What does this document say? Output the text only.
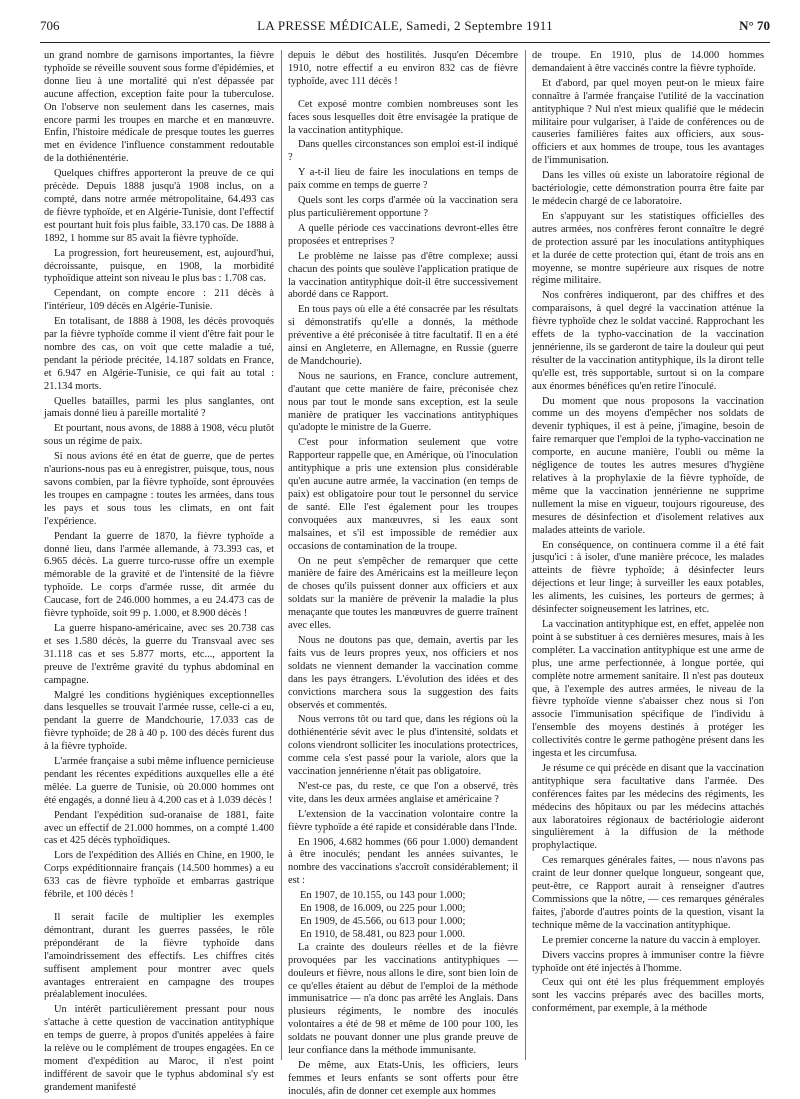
706	LA PRESSE MÉDICALE, Samedi, 2 Septembre 1911	N° 70

un grand nombre de garnisons importantes, la fièvre typhoïde se réveille souvent sous forme d'épidémies, et donne lieu à une mortalité qui n'est dépassée par aucune affection, exception faite pour la tuberculose. On l'observe non seulement dans les casernes, mais encore parmi les troupes en marche et en manœuvre. Enfin, l'histoire médicale de presque toutes les guerres met en évidence l'influence constamment redoutable de la dothiénentérie.

Quelques chiffres apporteront la preuve de ce qui précède. Depuis 1888 jusqu'à 1908 inclus, on a compté, dans notre armée métropolitaine, 64.493 cas de fièvre typhoïde, et en Algérie-Tunisie, dont l'effectif est pourtant huit fois plus faible, 33.170 cas. De 1888 à 1892, 1 homme sur 85 avait la fièvre typhoïde.

La progression, fort heureusement, est, aujourd'hui, décroissante, puisque, en 1908, la morbidité typhoïdique atteint son niveau le plus bas : 1.708 cas.

Cependant, on compte encore : 211 décès à l'intérieur, 109 décès en Algérie-Tunisie.

En totalisant, de 1888 à 1908, les décès provoqués par la fièvre typhoïde comme il vient d'être fait pour le nombre des cas, on voit que cette maladie a tué, pendant la période précitée, 14.187 soldats en France, et 6.947 en Algérie-Tunisie, ce qui fait au total : 21.134 morts.

Quelles batailles, parmi les plus sanglantes, ont jamais donné lieu à pareille mortalité ?

Et pourtant, nous avons, de 1888 à 1908, vécu plutôt sous un régime de paix.

Si nous avions été en état de guerre, que de pertes n'aurions-nous pas eu à enregistrer, puisque, tous, nous savons combien, par la fièvre typhoïde, sont éprouvées les troupes en campagne : toutes les armées, dans tous les pays et sous tous les climats, en ont fait l'expérience.

Pendant la guerre de 1870, la fièvre typhoïde a donné lieu, dans l'armée allemande, à 73.393 cas, et 6.965 décès. La guerre turco-russe offre un exemple mémorable de la gravité et de l'intensité de la fièvre typhoïde. Le corps d'armée russe, dit armée du Caucase, fort de 246.000 hommes, a eu 24.473 cas de fièvre typhoïde, soit 99 p. 1.000, et 8.900 décès !

La guerre hispano-américaine, avec ses 20.738 cas et ses 1.580 décès, la guerre du Transvaal avec ses 31.118 cas et ses 5.877 morts, etc..., apportent la preuve de l'extrême gravité du typhus abdominal en campagne.

Malgré les conditions hygiéniques exceptionnelles dans lesquelles se trouvait l'armée russe, celle-ci a eu, pendant la guerre de Mandchourie, 17.033 cas de fièvre typhoïde; de 28 à 40 p. 100 des décès furent dus à la fièvre typhoïde.

L'armée française a subi même influence pernicieuse pendant les récentes expéditions auxquelles elle a été mêlée. La guerre de Tunisie, où 20.000 hommes ont été engagés, a donné lieu à 4.200 cas et à 1.039 décès !

Pendant l'expédition sud-oranaise de 1881, faite avec un effectif de 21.000 hommes, on a compté 1.400 cas et 425 décès typhoïdiques.

Lors de l'expédition des Alliés en Chine, en 1900, le Corps expéditionnaire français (14.500 hommes) a eu 633 cas de fièvre typhoïde et embarras gastrique fébrile, et 100 décès !

Il serait facile de multiplier les exemples démontrant, durant les guerres passées, le rôle prépondérant de la fièvre typhoïde dans l'amoindrissement des effectifs. Les chiffres cités suffisent amplement pour montrer avec quels avantages entreraient en campagne des troupes préalablement inoculées.

Un intérêt particulièrement pressant pour nous s'attache à cette question de vaccination antityphique en temps de guerre, à propos d'unités appelées à faire la relève ou le complément de troupes engagées. En ce moment d'expédition au Maroc, il n'est point indifférent de savoir que le typhus abdominal s'y est grandement manifesté

depuis le début des hostilités. Jusqu'en Décembre 1910, notre effectif a eu environ 832 cas de fièvre typhoïde, avec 111 décès !

Cet exposé montre combien nombreuses sont les faces sous lesquelles doit être envisagée la pratique de la vaccination antityphique.

Dans quelles circonstances son emploi est-il indiqué ?

Y a-t-il lieu de faire les inoculations en temps de paix comme en temps de guerre ?

Quels sont les corps d'armée où la vaccination sera plus particulièrement opportune ?

A quelle période ces vaccinations devront-elles être proposées et entreprises ?

Le problème ne laisse pas d'être complexe; aussi chacun des points que soulève l'application pratique de la vaccination antityphique doit-il être successivement abordé dans ce Rapport.

En tous pays où elle a été consacrée par les résultats si démonstratifs qu'elle a donnés, la méthode préventive a été préconisée à titre facultatif. Il en a été ainsi en Angleterre, en Allemagne, en Russie (guerre de Mandchourie).

Nous ne saurions, en France, conclure autrement, d'autant que cette manière de faire, préconisée chez nous par tout le monde sans exception, est la seule manière de pratiquer les vaccinations antityphiques qu'adopte le ministre de la Guerre.

C'est pour information seulement que votre Rapporteur rappelle que, en Amérique, où l'inoculation antityphique a pris une extension plus considérable qu'en aucune autre armée, la vaccination (en temps de paix) est obligatoire pour tout le personnel du service de santé. Elle l'est également pour les troupes convoquées aux manœuvres, si les eaux sont malsaines, et s'il est impossible de remédier aux occasions de contamination de la troupe.

On ne peut s'empêcher de remarquer que cette manière de faire des Américains est la meilleure leçon de choses qu'ils puissent donner aux officiers et aux soldats sur la manière de prévenir la maladie la plus menaçante que toutes les manœuvres de guerre traînent avec elles.

Nous ne doutons pas que, demain, avertis par les faits vus de leurs propres yeux, nos officiers et nos soldats ne viennent demander la vaccination comme dans les pays étrangers. L'évolution des idées et des convictions marchera sous la suggestion des faits observés et commentés.

Nous verrons tôt ou tard que, dans les régions où la dothiénentérie sévit avec le plus d'intensité, soldats et colons viendront solliciter les inoculations protectrices, comme cela s'est passé pour la variole, alors que la vaccination jennérienne n'était pas obligatoire.

N'est-ce pas, du reste, ce que l'on a observé, très vite, dans les deux armées anglaise et américaine ?

L'extension de la vaccination volontaire contre la fièvre typhoïde a été rapide et considérable dans l'Inde.

En 1906, 4.682 hommes (66 pour 1.000) demandent à être inoculés; pendant les années suivantes, le nombre des vaccinations s'accroît considérablement; il est :

En 1907, de 10.155, ou 143 pour 1.000;

En 1908, de 16.009, ou 225 pour 1.000;

En 1909, de 45.566, ou 613 pour 1.000;

En 1910, de 58.481, ou 823 pour 1.000.

La crainte des douleurs réelles et de la fièvre provoquées par les vaccinations antityphiques — douleurs et fièvre, nous allons le dire, sont bien loin de ce qu'elles étaient au début de l'emploi de la méthode immunisatrice — n'a donc pas arrêté les Anglais. Dans plusieurs régiments, le nombre des inoculés volontaires a été de 98 et même de 100 pour 100, les soldats ne pouvant donner une plus grande preuve de leur confiance dans la méthode immunisante.

De même, aux Etats-Unis, les officiers, leurs femmes et leurs enfants se sont offerts pour être inoculés, afin de donner cet exemple aux hommes

de troupe. En 1910, plus de 14.000 hommes demandaient à être vaccinés contre la fièvre typhoïde.

Et d'abord, par quel moyen peut-on le mieux faire connaître à l'armée française l'utilité de la vaccination antityphique ? Nul n'est mieux qualifié que le médecin militaire pour vulgariser, à l'aide de conférences ou de causeries familières faites aux officiers, aux sous-officiers et aux hommes de troupe, tous les avantages de l'immunisation.

Dans les villes où existe un laboratoire régional de bactériologie, cette démonstration pourra être faite par le médecin chargé de ce laboratoire.

En s'appuyant sur les statistiques officielles des autres armées, nos confrères feront connaître le degré de protection assuré par les inoculations antityphiques et la durée de cette protection qui, étant de trois ans en moyenne, se montre supérieure aux risques de notre régime militaire.

Nos confrères indiqueront, par des chiffres et des comparaisons, à quel degré la vaccination atténue la fièvre typhoïde chez le soldat vacciné. Rapprochant les effets de la typho-vaccination de la vaccination jennérienne, ils se garderont de taire la douleur qui peut résulter de la vaccination antityphique, ils la diront telle qu'elle est, très supportable, surtout si on la compare aux énormes bénéfices qu'en retire l'inoculé.

Du moment que nous proposons la vaccination comme un des moyens d'empêcher nos soldats de devenir typhiques, il est à peine, j'imagine, besoin de faire remarquer que l'emploi de la typho-vaccination ne comporte, en aucune manière, l'oubli ou même la négligence de toutes les autres mesures d'hygiène relatives à la prophylaxie de la fièvre typhoïde, de même que la vaccination jennérienne ne supprime nullement la mise en vigueur, toujours rigoureuse, des mesures de désinfection et d'isolement relatives aux malades atteints de variole.

En conséquence, on continuera comme il a été fait jusqu'ici : à isoler, d'une manière précoce, les malades atteints de fièvre typhoïde; à désinfecter leurs déjections et leur linge; à surveiller les eaux potables, les aliments, les cuisines, les porteurs de germes; à désinfecter soigneusement les latrines, etc.

La vaccination antityphique est, en effet, appelée non point à se substituer à ces dernières mesures, mais à les compléter. La vaccination antityphique est une arme de plus, une arme perfectionnée, à longue portée, qui complète notre armement sanitaire. Il n'est pas douteux que, à l'exemple des autres armées, le niveau de la fièvre typhoïde vienne s'abaisser chez nous si l'on associe l'immunisation spécifique de l'individu à l'ensemble des moyens destinés à protéger les collectivités contre le germe pathogène présent dans les ingesta et les circumfusa.

Je résume ce qui précède en disant que la vaccination antityphique sera facultative dans l'armée. Des conférences faites par les médecins des régiments, les médecins des hôpitaux ou par les médecins attachés aux laboratoires régionaux de bactériologie aideront singulièrement à la diffusion de la méthode prophylactique.

Ces remarques générales faites, — nous n'avons pas craint de leur donner quelque longueur, songeant que, peut-être, ce Rapport aurait à renseigner d'autres Commissions que la nôtre, — ces remarques générales faites, j'aborde d'autres points de la question, visant la technique même de la vaccination antityphique.

Le premier concerne la nature du vaccin à employer.

Divers vaccins propres à immuniser contre la fièvre typhoïde ont été injectés à l'homme.

Ceux qui ont été les plus fréquemment employés sont les vaccins préparés avec des bacilles morts, conformément, par exemple, à la méthode
